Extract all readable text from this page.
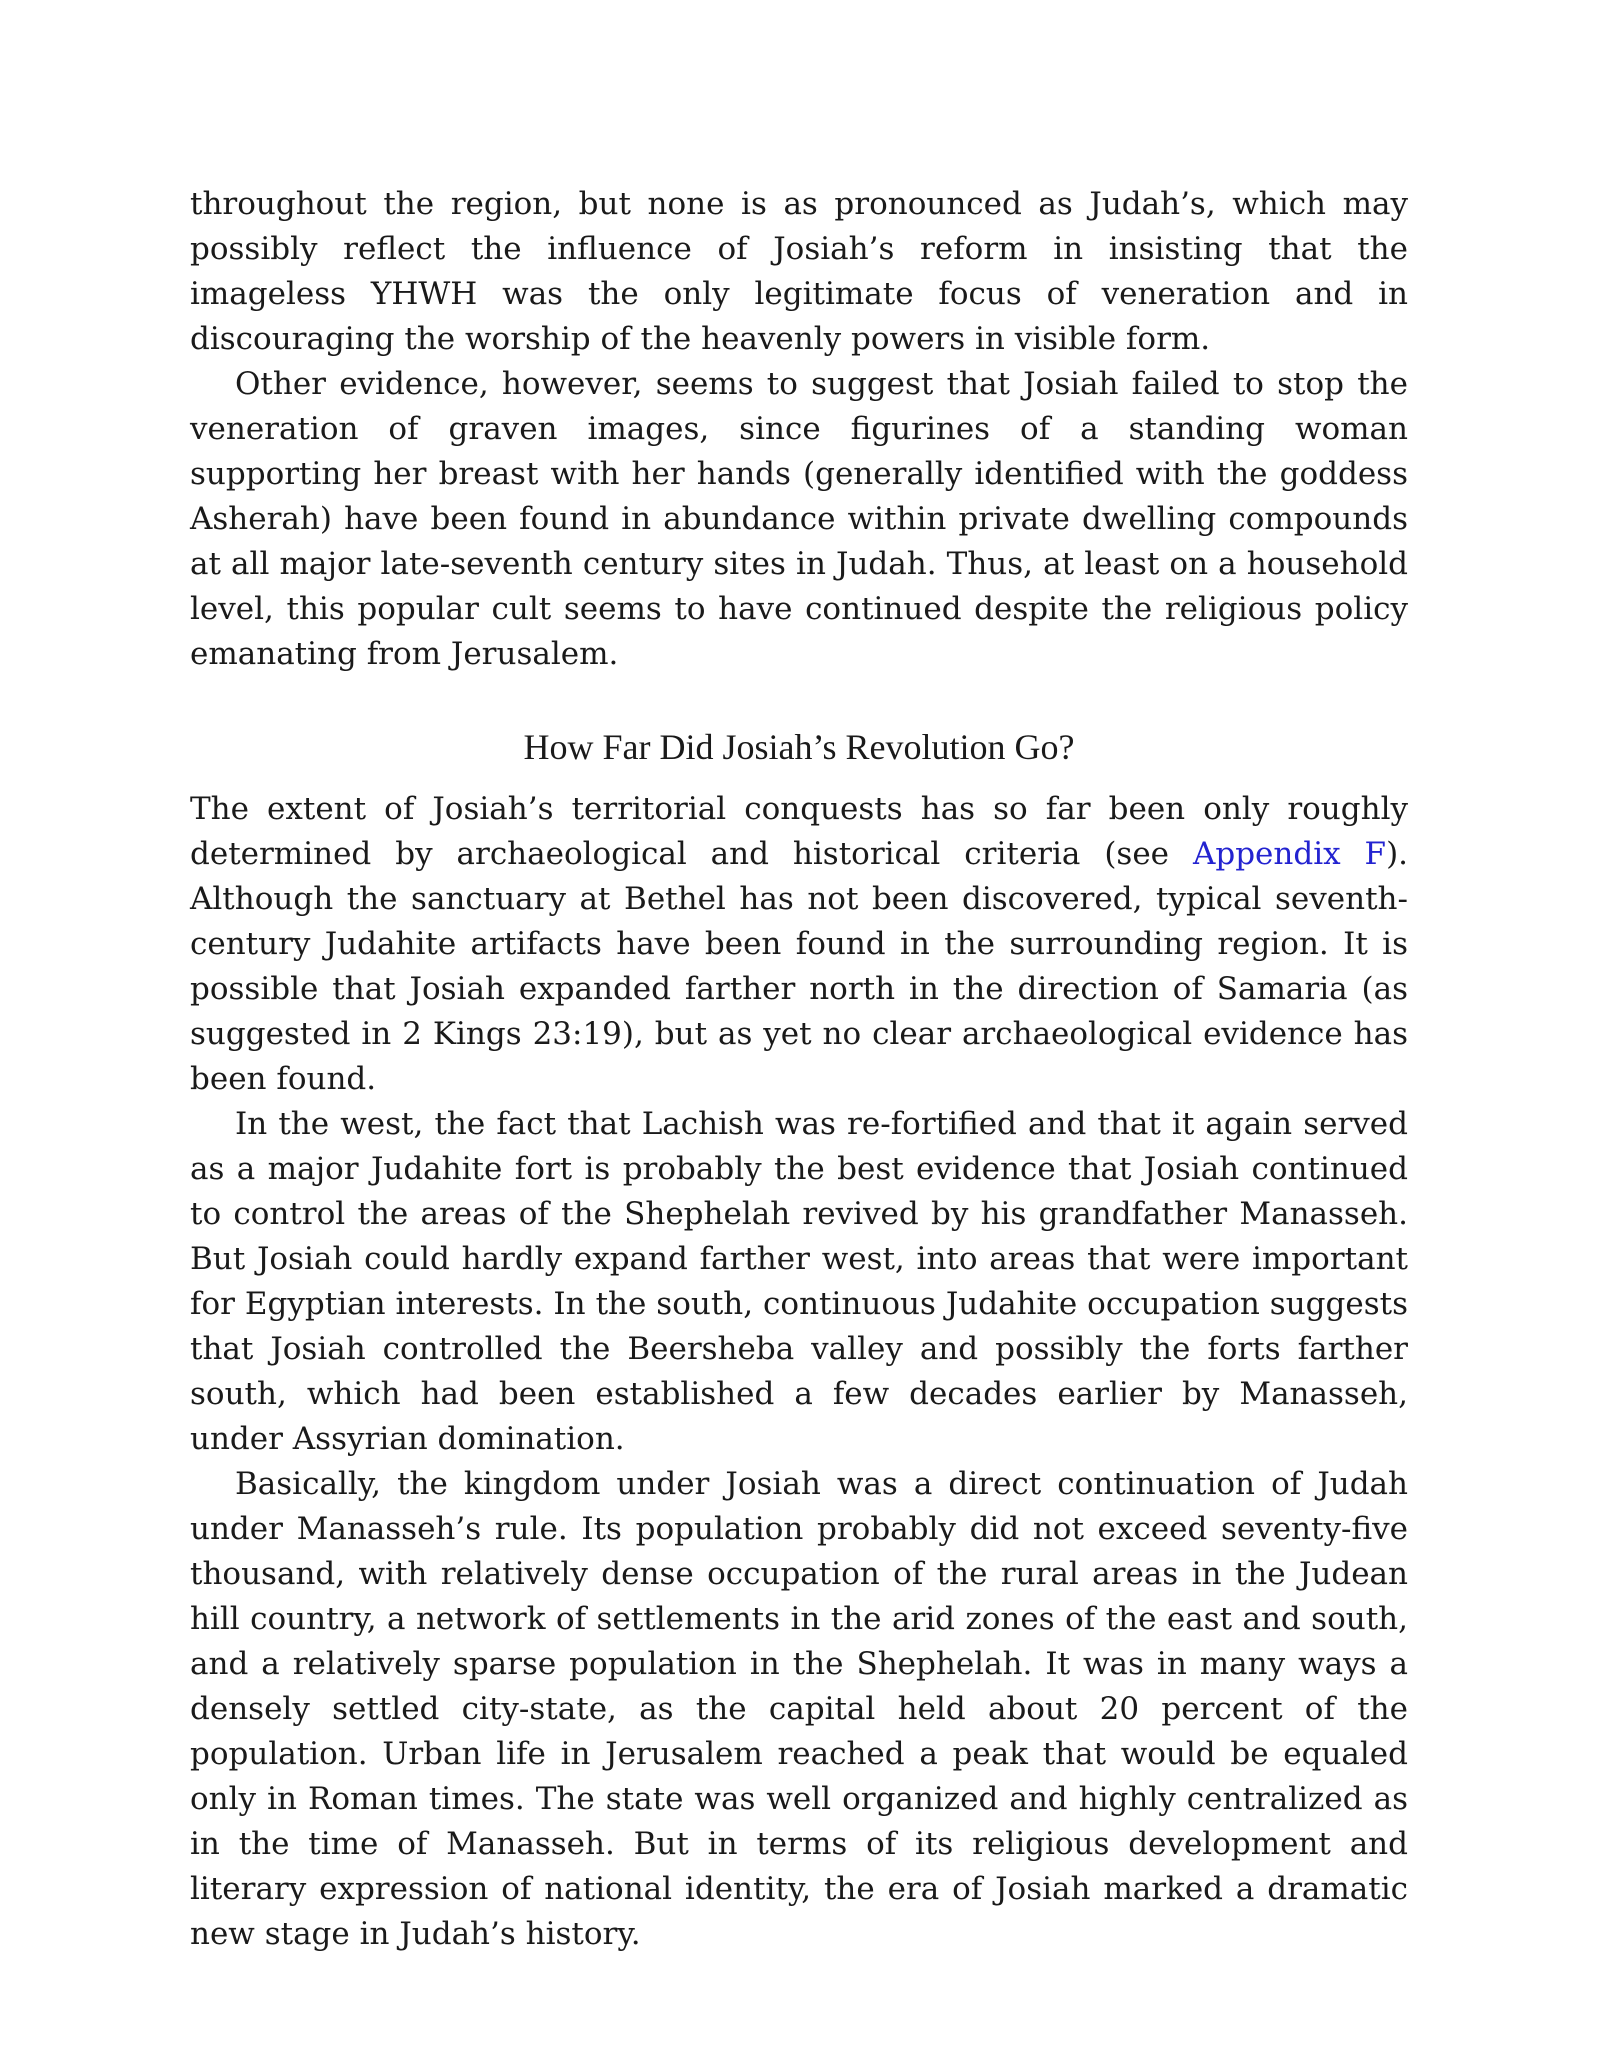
throughout the region, but none is as pronounced as Judah’s, which may possibly reflect the influence of Josiah’s reform in insisting that the imageless YHWH was the only legitimate focus of veneration and in discouraging the worship of the heavenly powers in visible form.

Other evidence, however, seems to suggest that Josiah failed to stop the veneration of graven images, since figurines of a standing woman supporting her breast with her hands (generally identified with the goddess Asherah) have been found in abundance within private dwelling compounds at all major late-seventh century sites in Judah. Thus, at least on a household level, this popular cult seems to have continued despite the religious policy emanating from Jerusalem.

How Far Did Josiah’s Revolution Go?

The extent of Josiah’s territorial conquests has so far been only roughly determined by archaeological and historical criteria (see Appendix F). Although the sanctuary at Bethel has not been discovered, typical seventh-century Judahite artifacts have been found in the surrounding region. It is possible that Josiah expanded farther north in the direction of Samaria (as suggested in 2 Kings 23:19), but as yet no clear archaeological evidence has been found.

In the west, the fact that Lachish was re-fortified and that it again served as a major Judahite fort is probably the best evidence that Josiah continued to control the areas of the Shephelah revived by his grandfather Manasseh. But Josiah could hardly expand farther west, into areas that were important for Egyptian interests. In the south, continuous Judahite occupation suggests that Josiah controlled the Beersheba valley and possibly the forts farther south, which had been established a few decades earlier by Manasseh, under Assyrian domination.

Basically, the kingdom under Josiah was a direct continuation of Judah under Manasseh’s rule. Its population probably did not exceed seventy-five thousand, with relatively dense occupation of the rural areas in the Judean hill country, a network of settlements in the arid zones of the east and south, and a relatively sparse population in the Shephelah. It was in many ways a densely settled city-state, as the capital held about 20 percent of the population. Urban life in Jerusalem reached a peak that would be equaled only in Roman times. The state was well organized and highly centralized as in the time of Manasseh. But in terms of its religious development and literary expression of national identity, the era of Josiah marked a dramatic new stage in Judah’s history.
